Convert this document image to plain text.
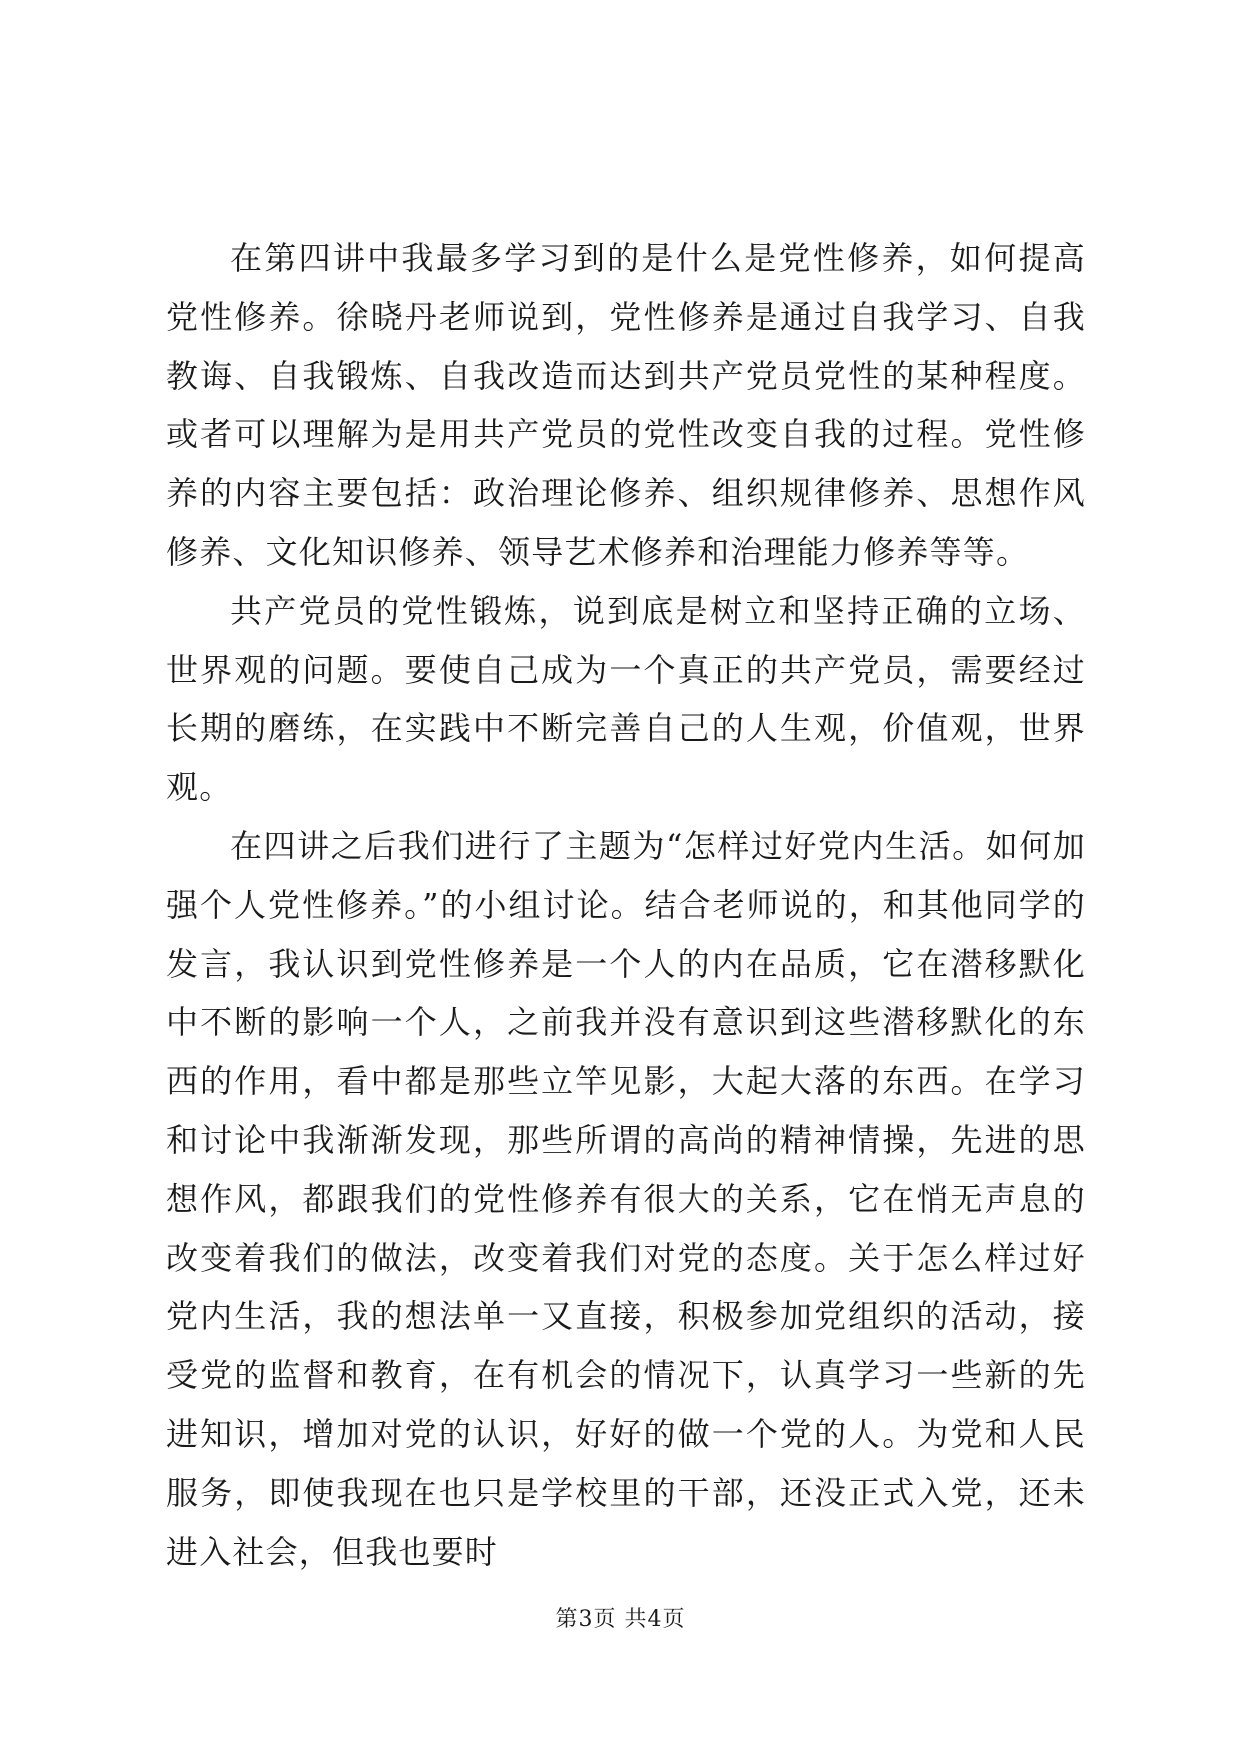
在第四讲中我最多学习到的是什么是党性修养，如何提高党性修养。徐晓丹老师说到，党性修养是通过自我学习、自我教诲、自我锻炼、自我改造而达到共产党员党性的某种程度。或者可以理解为是用共产党员的党性改变自我的过程。党性修养的内容主要包括：政治理论修养、组织规律修养、思想作风修养、文化知识修养、领导艺术修养和治理能力修养等等。

共产党员的党性锻炼，说到底是树立和坚持正确的立场、世界观的问题。要使自己成为一个真正的共产党员，需要经过长期的磨练，在实践中不断完善自己的人生观，价值观，世界观。

在四讲之后我们进行了主题为“怎样过好党内生活。如何加强个人党性修养。”的小组讨论。结合老师说的，和其他同学的发言，我认识到党性修养是一个人的内在品质，它在潜移默化中不断的影响一个人，之前我并没有意识到这些潜移默化的东西的作用，看中都是那些立竿见影，大起大落的东西。在学习和讨论中我渐渐发现，那些所谓的高尚的精神情操，先进的思想作风，都跟我们的党性修养有很大的关系，它在悄无声息的改变着我们的做法，改变着我们对党的态度。关于怎么样过好党内生活，我的想法单一又直接，积极参加党组织的活动，接受党的监督和教育，在有机会的情况下，认真学习一些新的先进知识，增加对党的认识，好好的做一个党的人。为党和人民服务，即使我现在也只是学校里的干部，还没正式入党，还未进入社会，但我也要时

第3页 共4页
